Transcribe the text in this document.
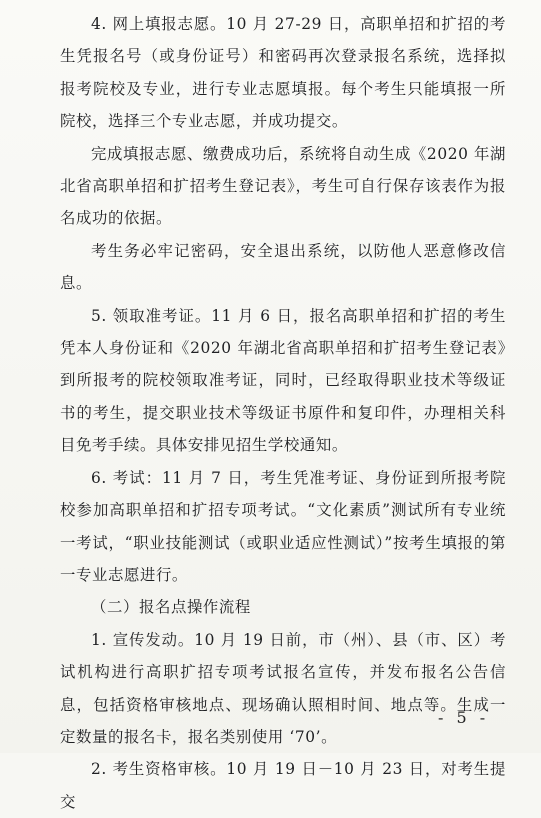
4. 网上填报志愿。10 月 27-29 日，高职单招和扩招的考生凭报名号（或身份证号）和密码再次登录报名系统，选择拟报考院校及专业，进行专业志愿填报。每个考生只能填报一所院校，选择三个专业志愿，并成功提交。

完成填报志愿、缴费成功后，系统将自动生成《2020 年湖北省高职单招和扩招考生登记表》，考生可自行保存该表作为报名成功的依据。

考生务必牢记密码，安全退出系统，以防他人恶意修改信息。

5. 领取准考证。11 月 6 日，报名高职单招和扩招的考生凭本人身份证和《2020 年湖北省高职单招和扩招考生登记表》到所报考的院校领取准考证，同时，已经取得职业技术等级证书的考生，提交职业技术等级证书原件和复印件，办理相关科目免考手续。具体安排见招生学校通知。

6. 考试：11 月 7 日，考生凭准考证、身份证到所报考院校参加高职单招和扩招专项考试。“文化素质”测试所有专业统一考试，“职业技能测试（或职业适应性测试）”按考生填报的第一专业志愿进行。

（二）报名点操作流程

1. 宣传发动。10 月 19 日前，市（州）、县（市、区）考试机构进行高职扩招专项考试报名宣传，并发布报名公告信息，包括资格审核地点、现场确认照相时间、地点等。生成一定数量的报名卡，报名类别使用 ‘70’。

2. 考生资格审核。10 月 19 日－10 月 23 日，对考生提交

- 5 -
